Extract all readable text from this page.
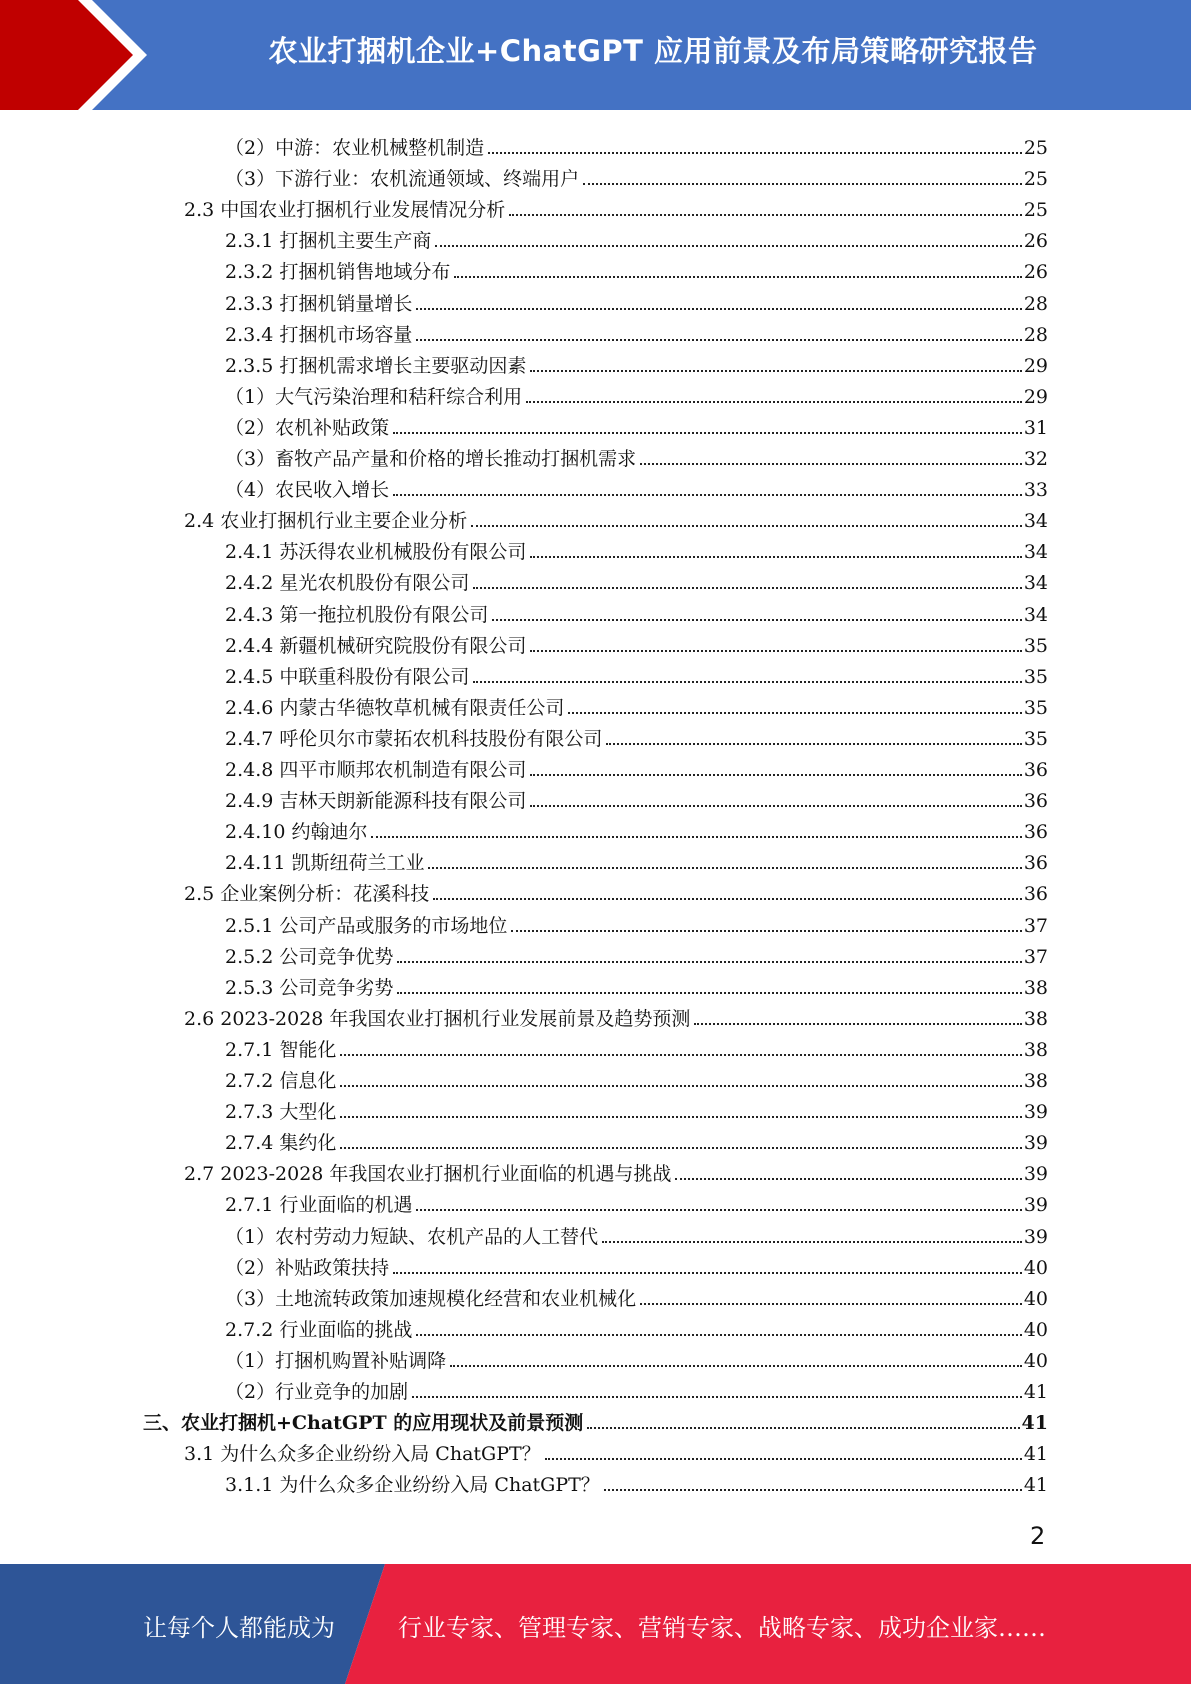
农业打捆机企业+ChatGPT 应用前景及布局策略研究报告
（2）中游：农业机械整机制造	25
（3）下游行业：农机流通领域、终端用户	25
2.3 中国农业打捆机行业发展情况分析	25
2.3.1 打捆机主要生产商	26
2.3.2 打捆机销售地域分布	26
2.3.3 打捆机销量增长	28
2.3.4 打捆机市场容量	28
2.3.5 打捆机需求增长主要驱动因素	29
（1）大气污染治理和秸秆综合利用	29
（2）农机补贴政策	31
（3）畜牧产品产量和价格的增长推动打捆机需求	32
（4）农民收入增长	33
2.4 农业打捆机行业主要企业分析	34
2.4.1 苏沃得农业机械股份有限公司	34
2.4.2 星光农机股份有限公司	34
2.4.3 第一拖拉机股份有限公司	34
2.4.4 新疆机械研究院股份有限公司	35
2.4.5 中联重科股份有限公司	35
2.4.6 内蒙古华德牧草机械有限责任公司	35
2.4.7 呼伦贝尔市蒙拓农机科技股份有限公司	35
2.4.8 四平市顺邦农机制造有限公司	36
2.4.9 吉林天朗新能源科技有限公司	36
2.4.10 约翰迪尔	36
2.4.11 凯斯纽荷兰工业	36
2.5 企业案例分析：花溪科技	36
2.5.1 公司产品或服务的市场地位	37
2.5.2 公司竞争优势	37
2.5.3 公司竞争劣势	38
2.6 2023-2028 年我国农业打捆机行业发展前景及趋势预测	38
2.7.1 智能化	38
2.7.2 信息化	38
2.7.3 大型化	39
2.7.4 集约化	39
2.7 2023-2028 年我国农业打捆机行业面临的机遇与挑战	39
2.7.1 行业面临的机遇	39
（1）农村劳动力短缺、农机产品的人工替代	39
（2）补贴政策扶持	40
（3）土地流转政策加速规模化经营和农业机械化	40
2.7.2 行业面临的挑战	40
（1）打捆机购置补贴调降	40
（2）行业竞争的加剧	41
三、农业打捆机+ChatGPT 的应用现状及前景预测	41
3.1 为什么众多企业纷纷入局 ChatGPT？	41
3.1.1 为什么众多企业纷纷入局 ChatGPT？	41
2
让每个人都能成为	行业专家、管理专家、营销专家、战略专家、成功企业家……
